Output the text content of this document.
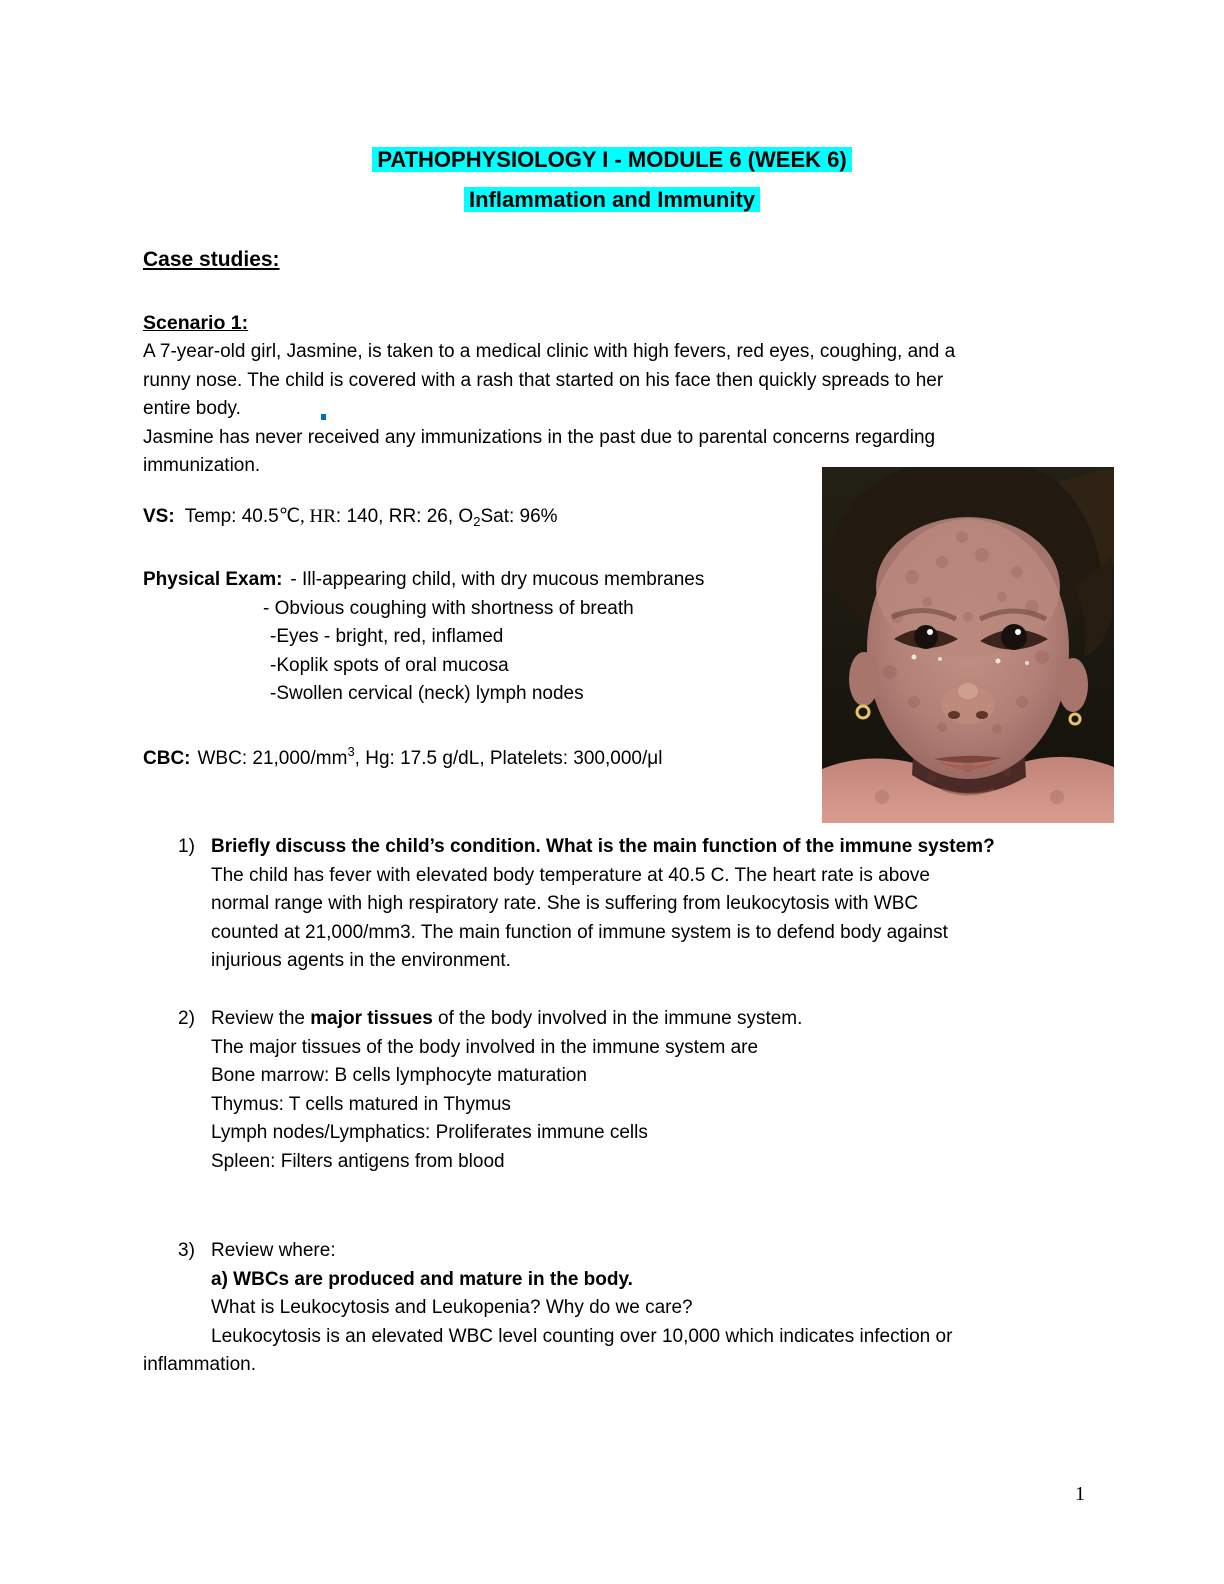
PATHOPHYSIOLOGY I - MODULE 6 (WEEK 6)
Inflammation and Immunity
Case studies:
Scenario 1:
A 7-year-old girl, Jasmine, is taken to a medical clinic with high fevers, red eyes, coughing, and a
runny nose. The child is covered with a rash that started on his face then quickly spreads to her
entire body.
Jasmine has never received any immunizations in the past due to parental concerns regarding
immunization.
VS: Temp: 40.5℃, HR: 140, RR: 26, $O_2Sat$: 96%
Physical Exam: - Ill-appearing child, with dry mucous membranes
- Obvious coughing with shortness of breath
-Eyes - bright, red, inflamed
-Koplik spots of oral mucosa
-Swollen cervical (neck) lymph nodes
CBC: WBC: $21,000/mm^3$, Hg: 17.5 g/dL, Platelets: 300,000/μl
1) Briefly discuss the child’s condition. What is the main function of the immune system?
The child has fever with elevated body temperature at 40.5 C. The heart rate is above
normal range with high respiratory rate. She is suffering from leukocytosis with WBC
counted at 21,000/mm3. The main function of immune system is to defend body against
injurious agents in the environment.
2) Review the major tissues of the body involved in the immune system.
The major tissues of the body involved in the immune system are
Bone marrow: B cells lymphocyte maturation
Thymus: T cells matured in Thymus
Lymph nodes/Lymphatics: Proliferates immune cells
Spleen: Filters antigens from blood
3) Review where:
a) WBCs are produced and mature in the body.
What is Leukocytosis and Leukopenia? Why do we care?
Leukocytosis is an elevated WBC level counting over 10,000 which indicates infection or
inflammation.
1
